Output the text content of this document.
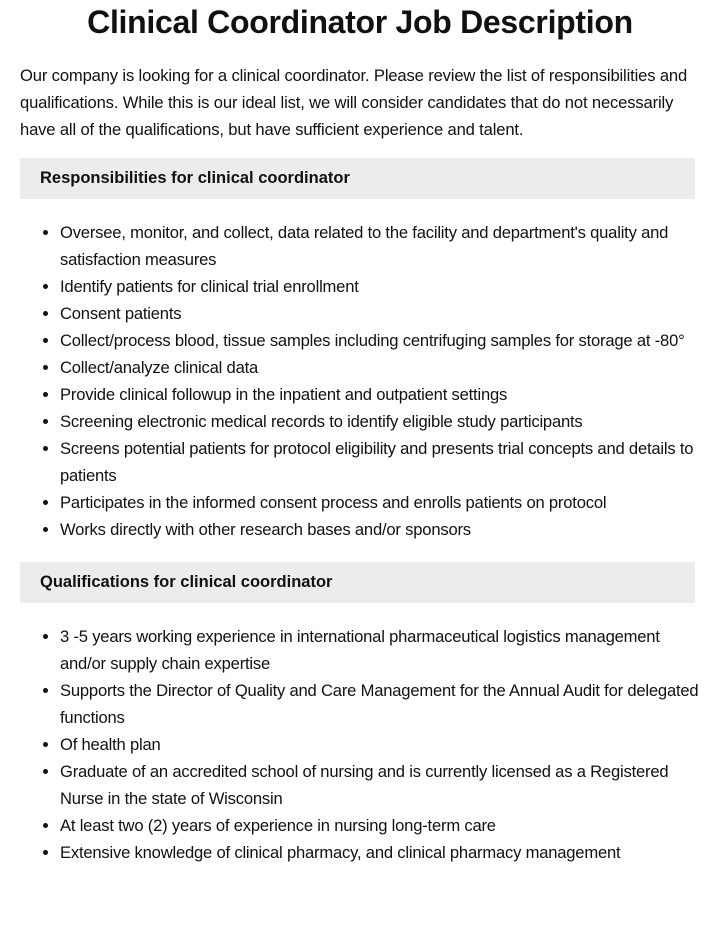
Clinical Coordinator Job Description

Our company is looking for a clinical coordinator. Please review the list of responsibilities and qualifications. While this is our ideal list, we will consider candidates that do not necessarily have all of the qualifications, but have sufficient experience and talent.

Responsibilities for clinical coordinator
• Oversee, monitor, and collect, data related to the facility and department's quality and satisfaction measures
• Identify patients for clinical trial enrollment
• Consent patients
• Collect/process blood, tissue samples including centrifuging samples for storage at -80°
• Collect/analyze clinical data
• Provide clinical followup in the inpatient and outpatient settings
• Screening electronic medical records to identify eligible study participants
• Screens potential patients for protocol eligibility and presents trial concepts and details to patients
• Participates in the informed consent process and enrolls patients on protocol
• Works directly with other research bases and/or sponsors
Qualifications for clinical coordinator
• 3 -5 years working experience in international pharmaceutical logistics management and/or supply chain expertise
• Supports the Director of Quality and Care Management for the Annual Audit for delegated functions
• Of health plan
• Graduate of an accredited school of nursing and is currently licensed as a Registered Nurse in the state of Wisconsin
• At least two (2) years of experience in nursing long-term care
• Extensive knowledge of clinical pharmacy, and clinical pharmacy management
